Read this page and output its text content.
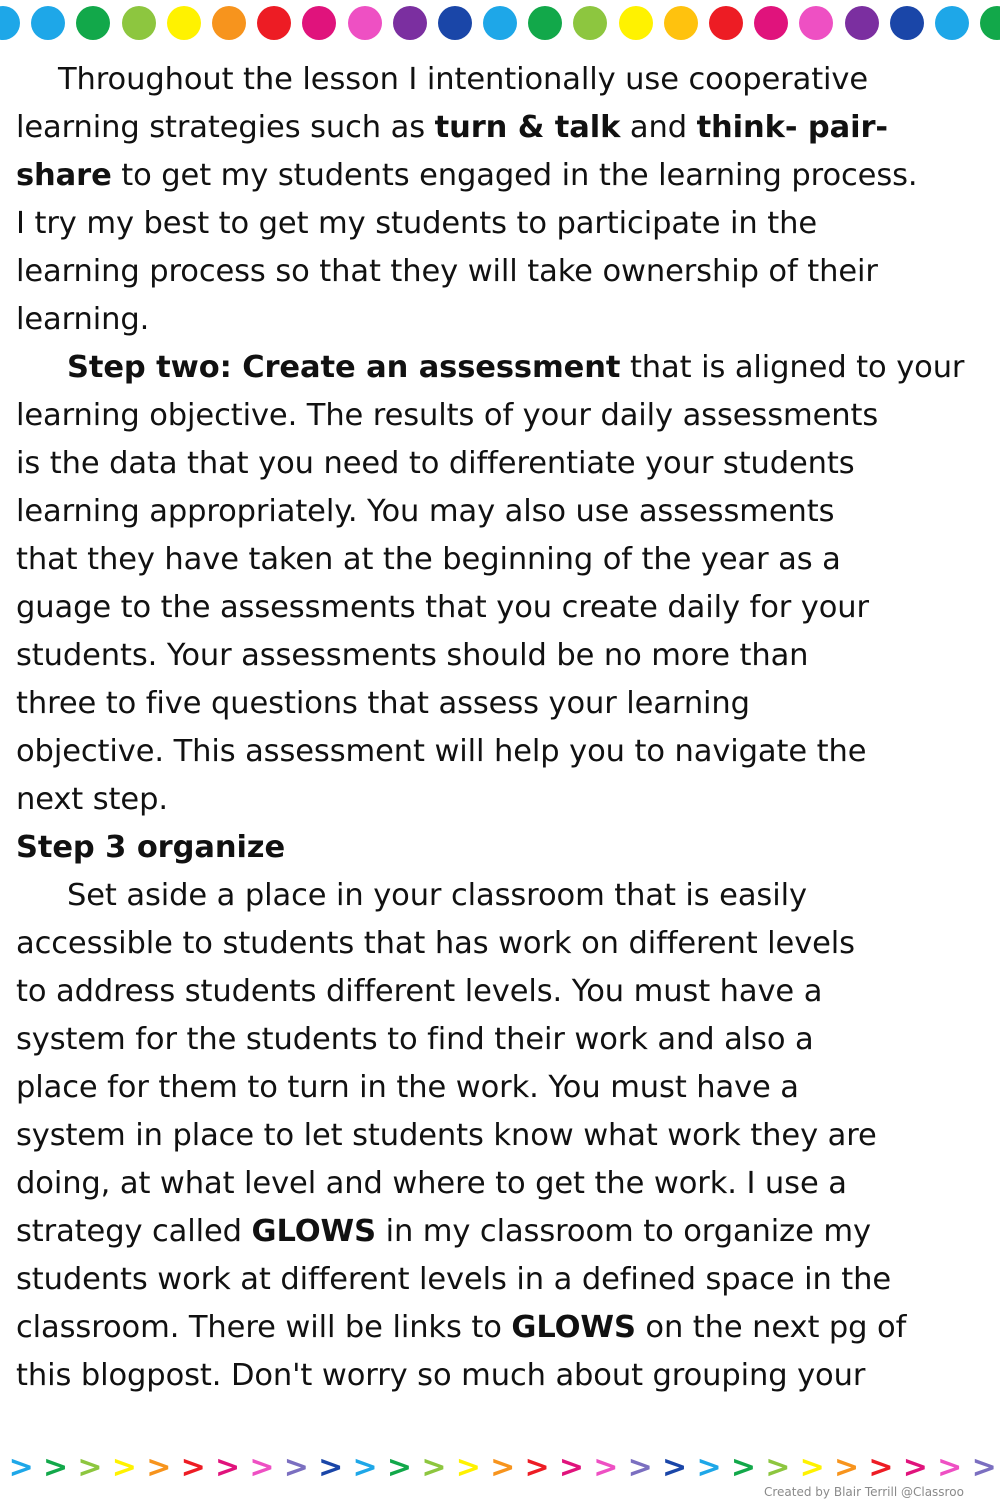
Throughout the lesson I intentionally use cooperative
learning strategies such as turn & talk and think- pair-
share to get my students engaged in the learning process.
I try my best to get my students to participate in the
learning process so that they will take ownership of their
learning.
Step two: Create an assessment that is aligned to your
learning objective. The results of your daily assessments
is the data that you need to differentiate your students
learning appropriately. You may also use assessments
that they have taken at the beginning of the year as a
guage to the assessments that you create daily for your
students. Your assessments should be no more than
three to five questions that assess your learning
objective. This assessment will help you to navigate the
next step.
Step 3 organize
Set aside a place in your classroom that is easily
accessible to students that has work on different levels
to address students different levels. You must have a
system for the students to find their work and also a
place for them to turn in the work. You must have a
system in place to let students know what work they are
doing, at what level and where to get the work. I use a
strategy called GLOWS in my classroom to organize my
students work at different levels in a defined space in the
classroom. There will be links to GLOWS on the next pg of
this blogpost. Don't worry so much about grouping your
> > > > > > > > > > > > > > > > > > > > > > > > > > > > >
Created by Blair Terrill @Classroo
